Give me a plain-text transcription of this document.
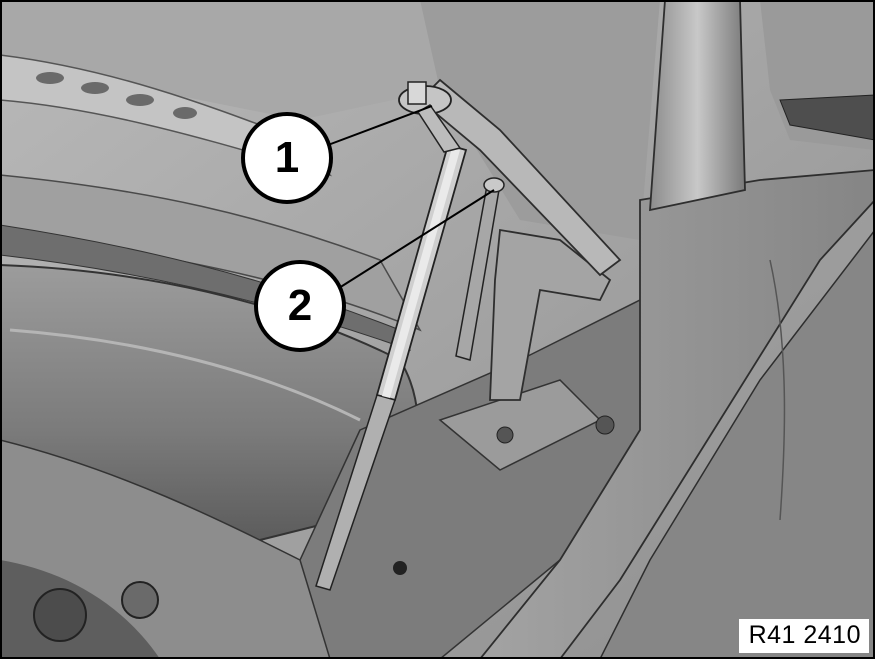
1
2
R41 2410
